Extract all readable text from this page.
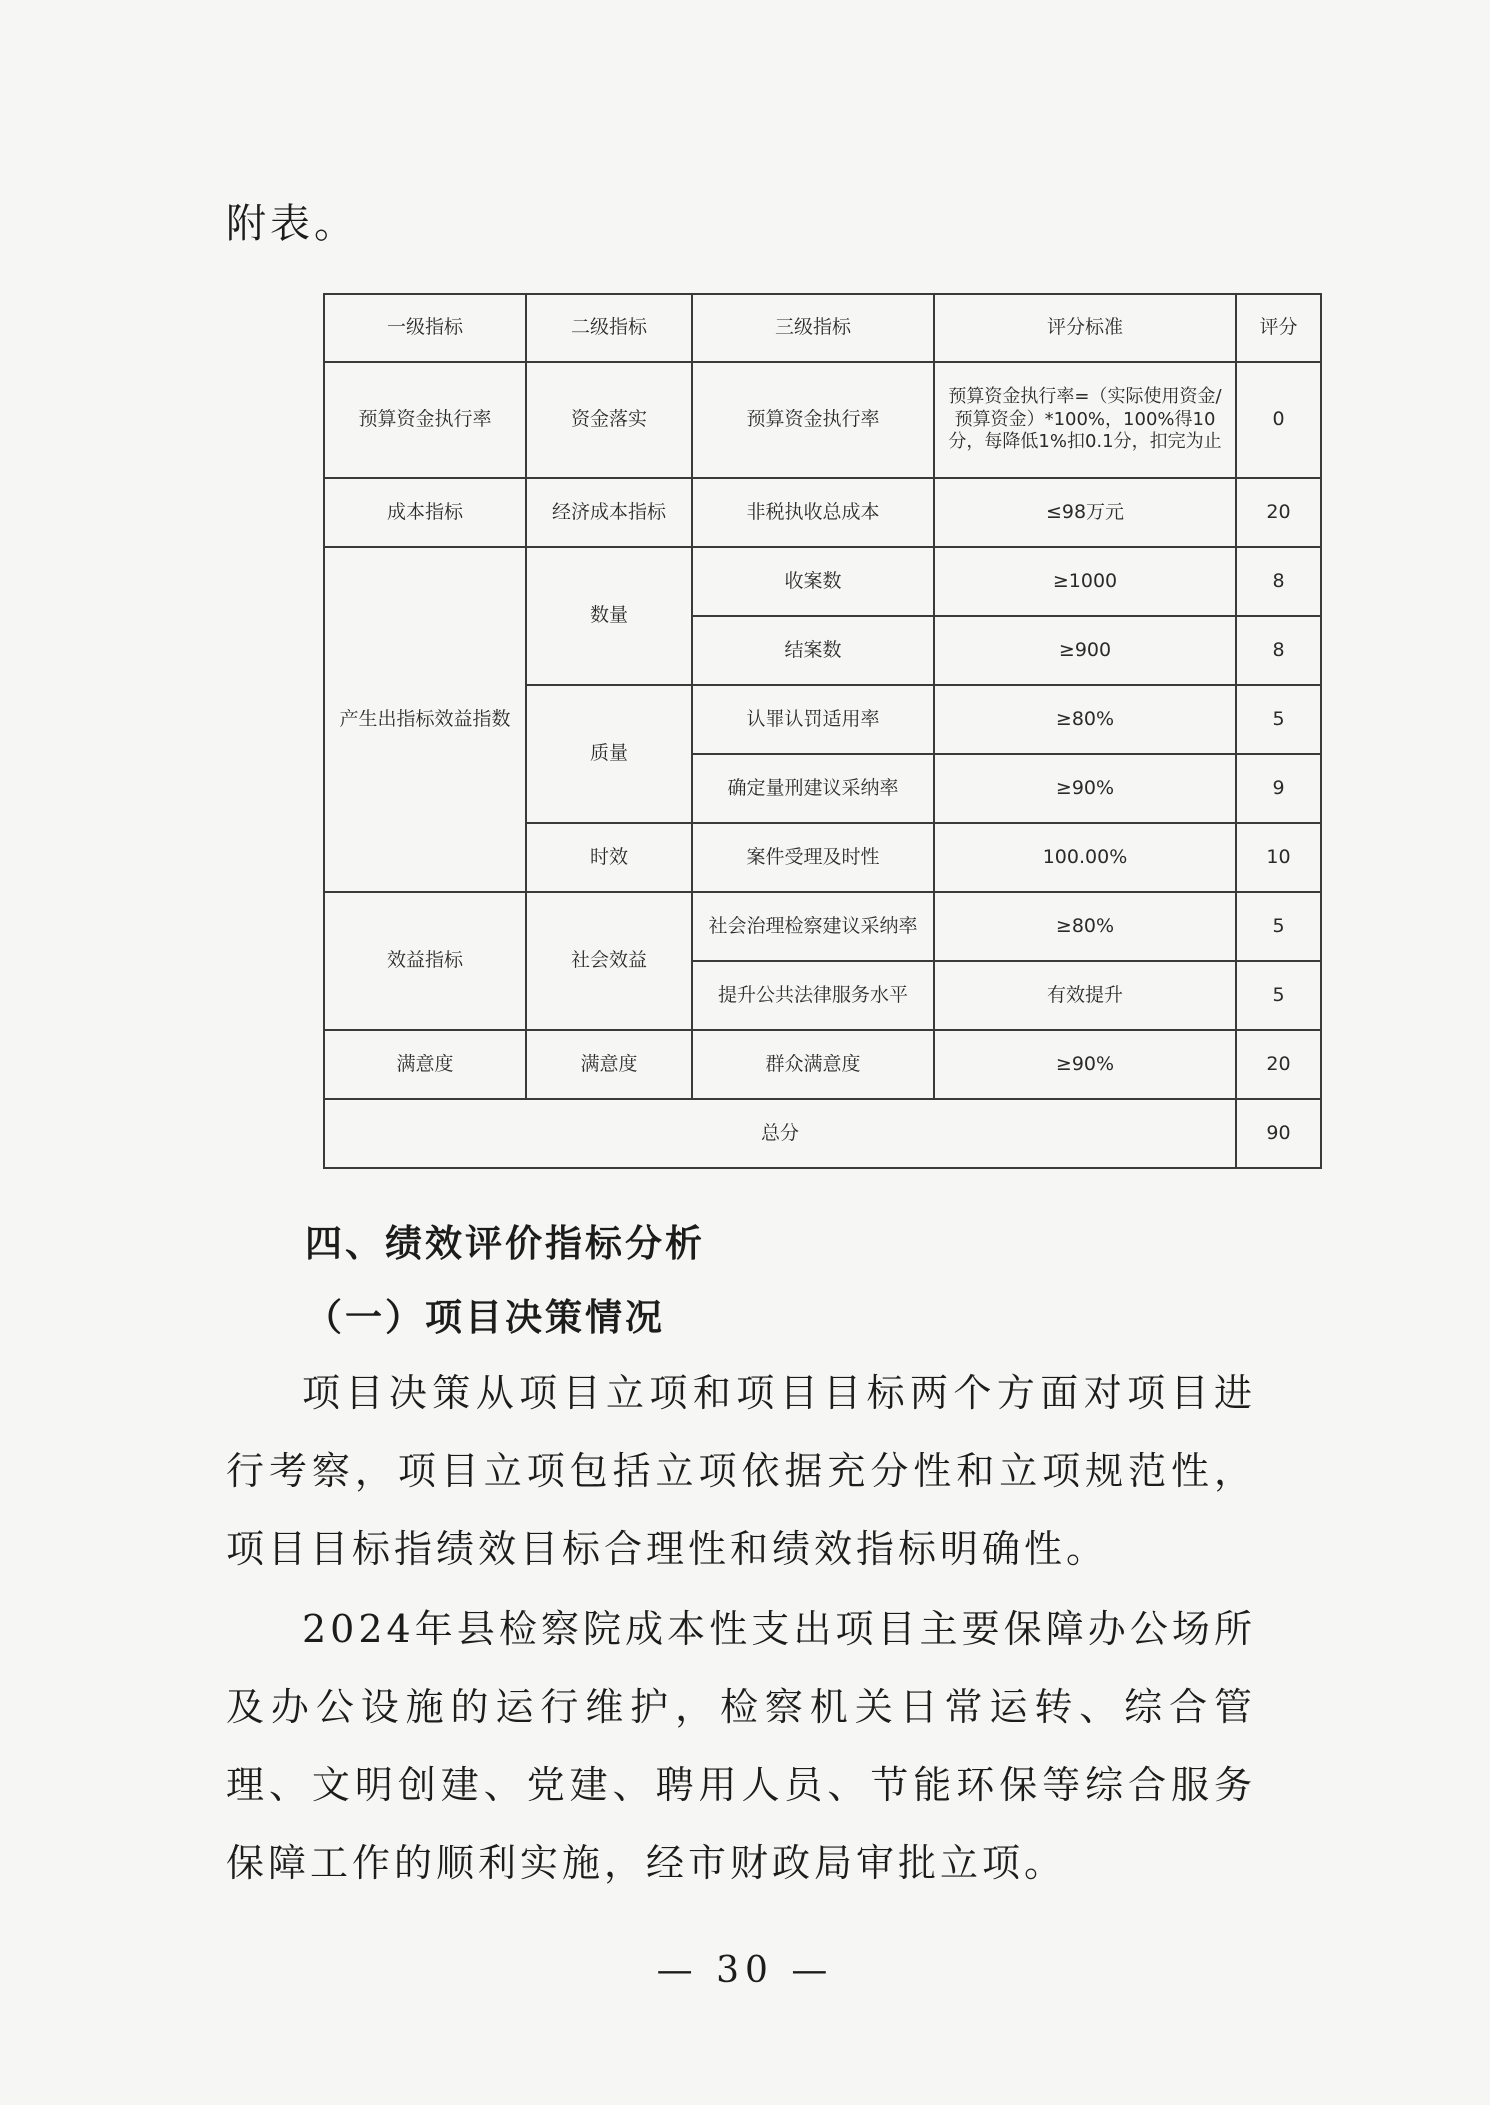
附表。
一级指标	二级指标	三级指标	评分标准	评分
预算资金执行率	资金落实	预算资金执行率	预算资金执行率=（实际使用资金/预算资金）*100%，100%得10分，每降低1%扣0.1分，扣完为止	0
成本指标	经济成本指标	非税执收总成本	≤98万元	20
产生出指标效益指数	数量	收案数	≥1000	8
		结案数	≥900	8
	质量	认罪认罚适用率	≥80%	5
		确定量刑建议采纳率	≥90%	9
	时效	案件受理及时性	100.00%	10
效益指标	社会效益	社会治理检察建议采纳率	≥80%	5
		提升公共法律服务水平	有效提升	5
满意度	满意度	群众满意度	≥90%	20
总分				90
四、绩效评价指标分析
（一）项目决策情况

项目决策从项目立项和项目目标两个方面对项目进行考察，项目立项包括立项依据充分性和立项规范性，项目目标指绩效目标合理性和绩效指标明确性。

2024年县检察院成本性支出项目主要保障办公场所及办公设施的运行维护，检察机关日常运转、综合管理、文明创建、党建、聘用人员、节能环保等综合服务保障工作的顺利实施，经市财政局审批立项。

— 30 —
